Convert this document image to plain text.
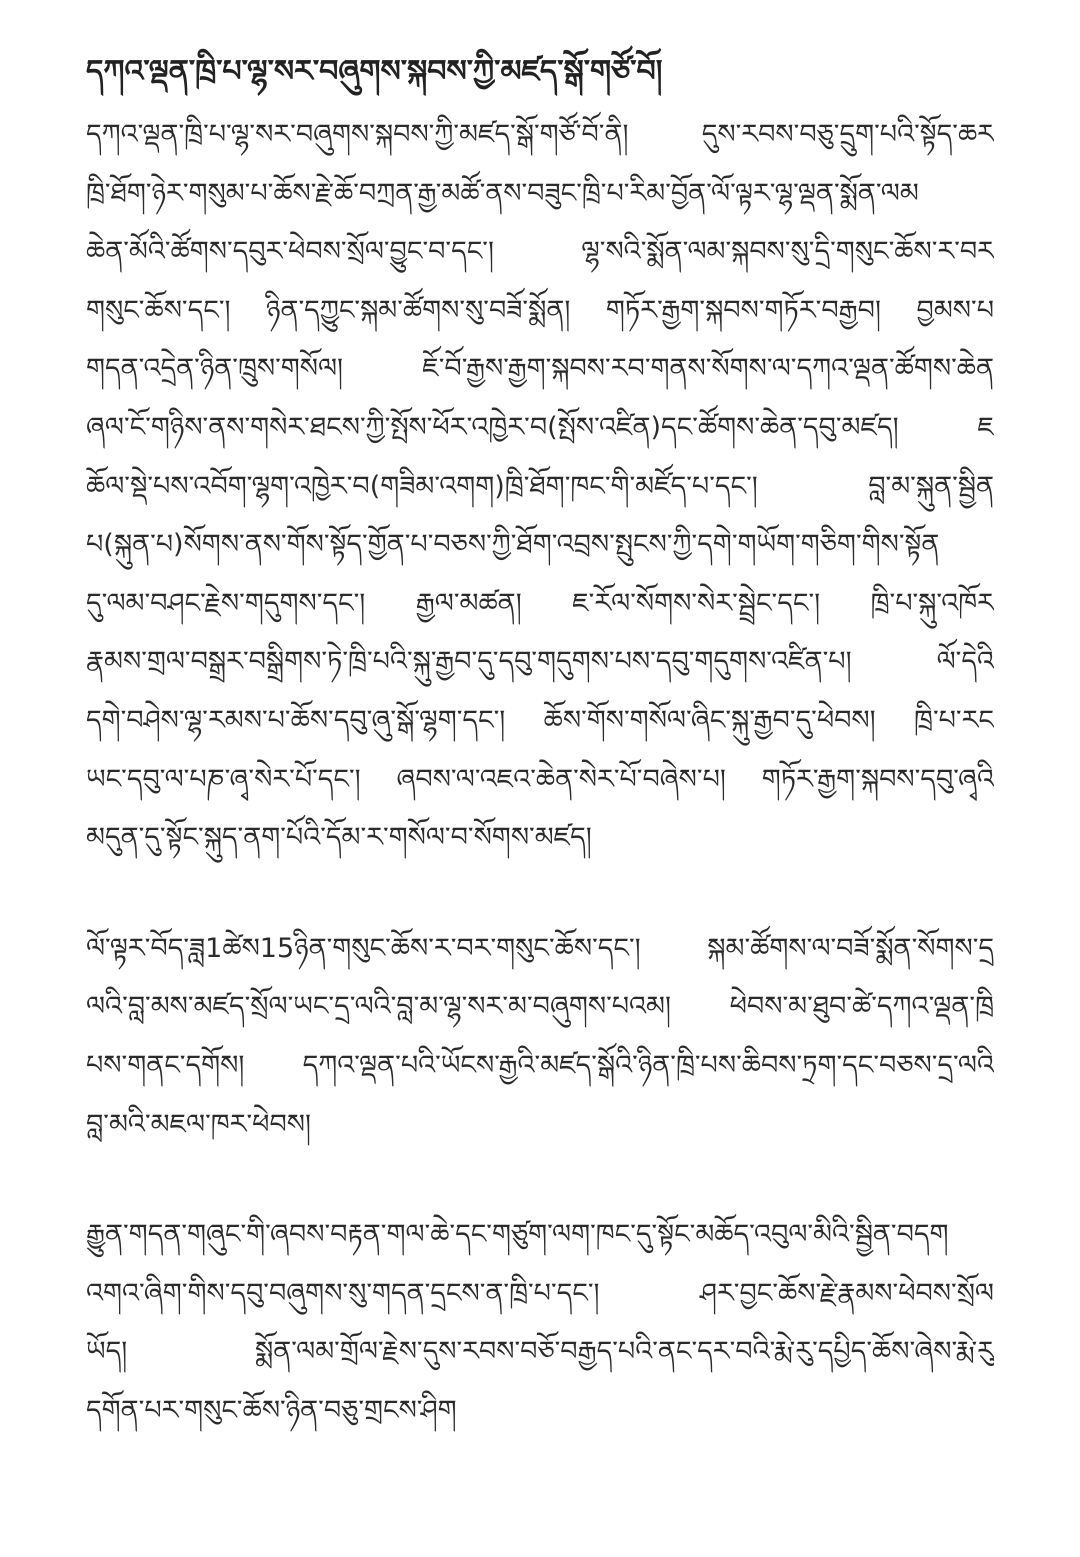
དཀའ་ལྡན་ཁྲི་པ་ལྷ་སར་བཞུགས་སྐབས་ཀྱི་མཛད་སྒོ་གཙོ་བོ།

དཀའ་ལྡན་ཁྲི་པ་ལྷ་སར་བཞུགས་སྐབས་ཀྱི་མཛད་སྒོ་གཙོ་བོ་ནི། དུས་རབས་བཅུ་དྲུག་པའི་སྟོད་ཆར
ཁྲི་ཐོག་ཉེར་གསུམ་པ་ཆོས་རྗེ་ཆོ་བཀྲན་རྒྱ་མཚོ་ནས་བཟུང་ཁྲི་པ་རིམ་བྱོན་ལོ་ལྟར་ལྷ་ལྡན་སྨོན་ལམ
ཆེན་མོའི་ཚོགས་དབུར་ཕེབས་སྲོལ་བྱུང་བ་དང་། ལྷ་སའི་སྨོན་ལམ་སྐབས་སུ་དྲི་གསུང་ཆོས་ར་བར
གསུང་ཆོས་དང་། ཉིན་དཀྱུང་སྐམ་ཚོགས་སུ་བཟོ་སྨོན། གཏོར་རྒྱག་སྐབས་གཏོར་བརྒྱབ། བྱམས་པ
གདན་འདྲེན་ཉིན་ཁྲུས་གསོལ། ཇོ་བོ་རྒྱས་རྒྱག་སྐབས་རབ་གནས་སོགས་ལ་དཀའ་ལྡན་ཚོགས་ཆེན
ཞལ་ངོ་གཉིས་ནས་གསེར་ཐངས་ཀྱི་སྤོས་ཕོར་འཁྱེར་བ(སྤོས་འཛིན)དང་ཚོགས་ཆེན་དབུ་མཛད། ཇ
ཆོལ་སྡེ་པས་འབོག་ལྷག་འཁྱེར་བ(གཟིམ་འགག)ཁྲི་ཐོག་ཁང་གི་མཛོད་པ་དང་། བླ་མ་སྐུན་སྦྱིན
པ(སྐུན་པ)སོགས་ནས་གོས་སྟོད་གྱོན་པ་བཅས་ཀྱི་ཐོག་འབྲས་སྤུངས་ཀྱི་དགེ་གཡོག་གཅིག་གིས་སྟོན
དུ་ལམ་བཤང་རྗེས་གདུགས་དང་། རྒྱལ་མཚན། ཇ་རོལ་སོགས་སེར་སྦྲེང་དང་། ཁྲི་པ་སྐུ་འཁོར
རྣམས་གྲལ་བསྒྲར་བསྒྲིགས་ཏེ་ཁྲི་པའི་སྐུ་རྒྱབ་དུ་དབུ་གདུགས་པས་དབུ་གདུགས་འཛིན་པ། ལོ་དེའི
དགེ་བཤེས་ལྷ་རམས་པ་ཆོས་དབུ་ཞུ་སྒོ་ལྷག་དང་། ཆོས་གོས་གསོལ་ཞིང་སྐུ་རྒྱབ་དུ་ཕེབས། ཁྲི་པ་རང
ཡང་དབུ་ལ་པཎ་ཞྭ་སེར་པོ་དང་། ཞབས་ལ་འཇའ་ཆེན་སེར་པོ་བཞེས་པ། གཏོར་རྒྱག་སྐབས་དབུ་ཞྭའི
མདུན་དུ་སྟོང་སྐུད་ནག་པོའི་དོམ་ར་གསོལ་བ་སོགས་མཛད།

ལོ་ལྟར་བོད་ཟླ1ཚེས15ཉིན་གསུང་ཆོས་ར་བར་གསུང་ཆོས་དང་། སྐམ་ཚོགས་ལ་བཟོ་སྨོན་སོགས་དྲ
ལའི་བླ་མས་མཛད་སྲོལ་ཡང་དྲ་ལའི་བླ་མ་ལྷ་སར་མ་བཞུགས་པའམ། ཕེབས་མ་ཐུབ་ཚེ་དཀའ་ལྡན་ཁྲི
པས་གནང་དགོས། དཀའ་ལྡན་པའི་ཡོངས་རྒྱའི་མཛད་སྒོའི་ཉིན་ཁྲི་པས་ཆིབས་ཏྲག་དང་བཅས་དྲ་ལའི
བླ་མའི་མཇལ་ཁར་ཕེབས།

རྒྱུན་གདན་གཞུང་གི་ཞབས་བརྟན་གལ་ཆེ་དང་གཙུག་ལག་ཁང་དུ་སྟོང་མཆོད་འབུལ་མིའི་སྦྱིན་བདག
འགའ་ཞིག་གིས་དབུ་བཞུགས་སུ་གདན་དྲངས་ན་ཁྲི་པ་དང་། ཤར་བྱང་ཆོས་རྗེ་རྣམས་ཕེབས་སྲོལ
ཡོད། སྨོན་ལམ་གྲོལ་རྗེས་དུས་རབས་བཅོ་བརྒྱད་པའི་ནང་དར་བའི་རྨེ་རུ་དཔྱིད་ཆོས་ཞེས་རྨེ་རུ
དགོན་པར་གསུང་ཆོས་ཉིན་བཅུ་གྲངས་ཤིག
